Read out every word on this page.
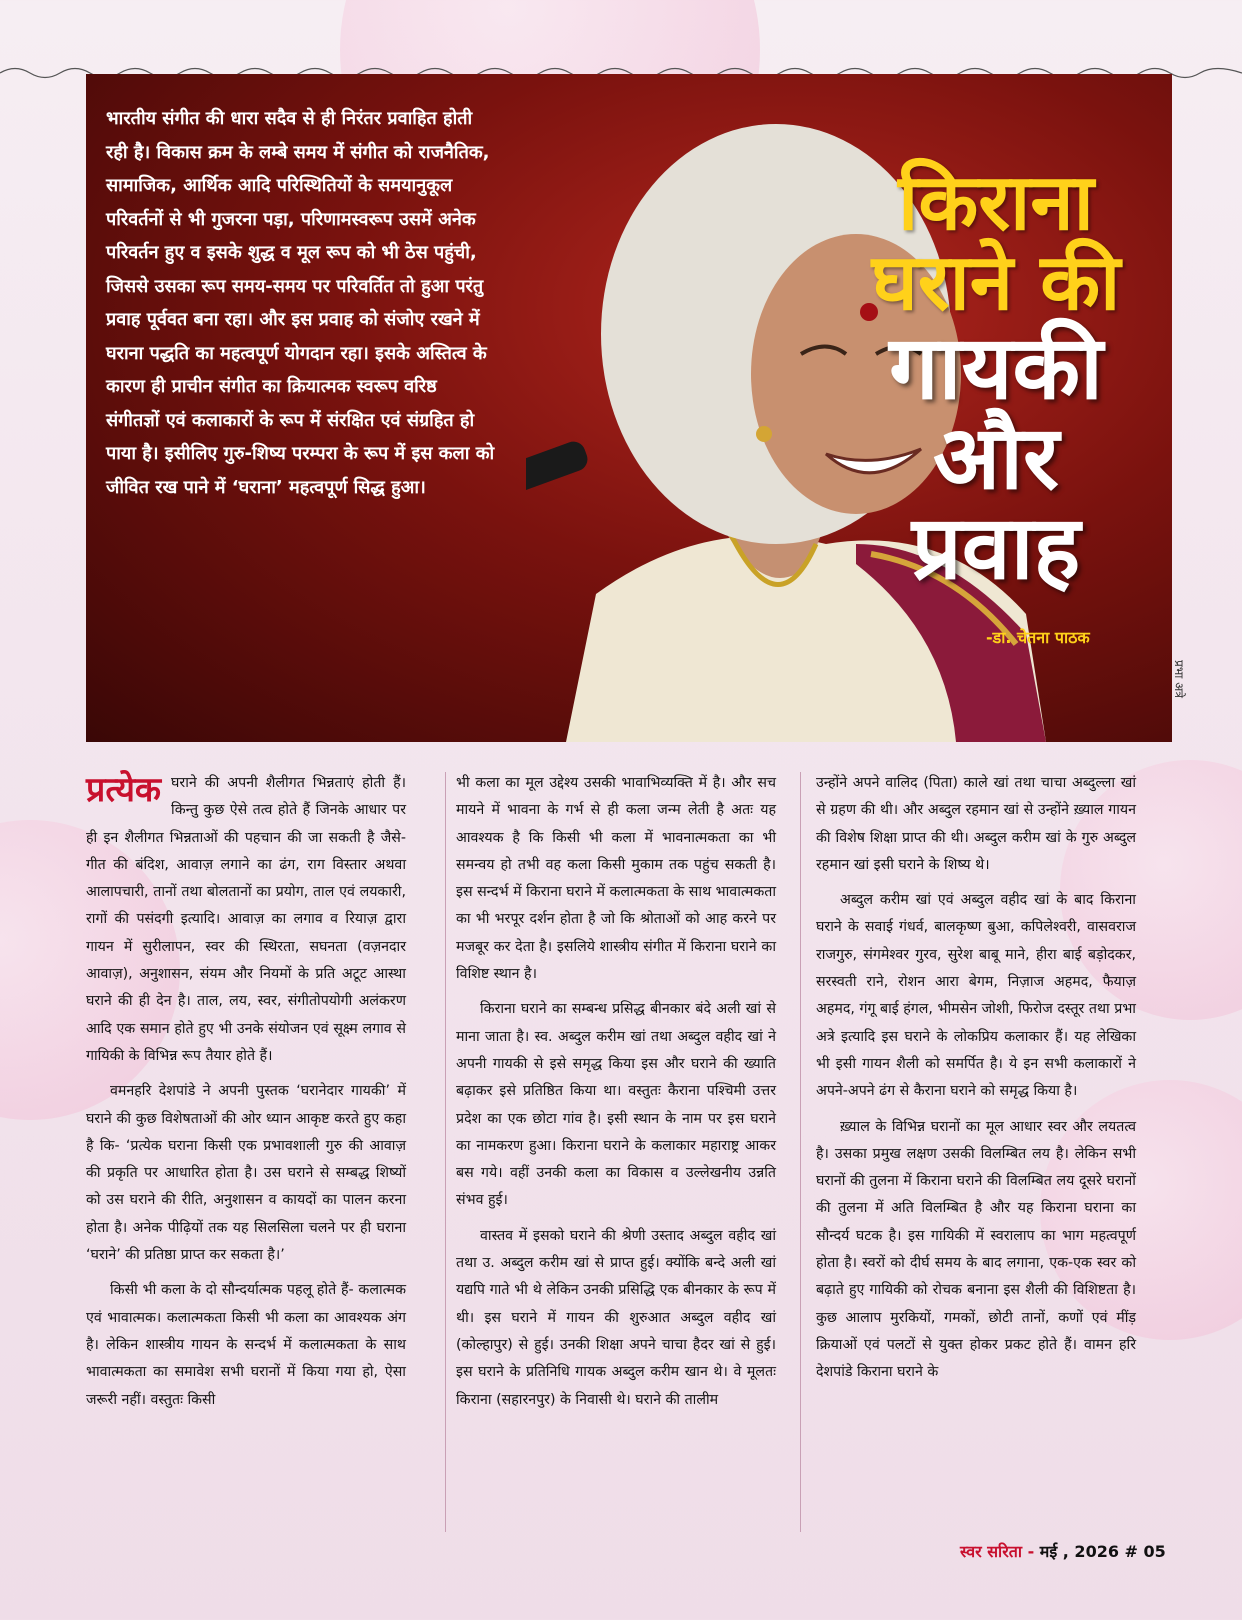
भारतीय संगीत की धारा सदैव से ही निरंतर प्रवाहित होती रही है। विकास क्रम के लम्बे समय में संगीत को राजनैतिक, सामाजिक, आर्थिक आदि परिस्थितियों के समयानुकूल परिवर्तनों से भी गुजरना पड़ा, परिणामस्वरूप उसमें अनेक परिवर्तन हुए व इसके शुद्ध व मूल रूप को भी ठेस पहुंची, जिससे उसका रूप समय-समय पर परिवर्तित तो हुआ परंतु प्रवाह पूर्ववत बना रहा। और इस प्रवाह को संजोए रखने में घराना पद्धति का महत्वपूर्ण योगदान रहा। इसके अस्तित्व के कारण ही प्राचीन संगीत का क्रियात्मक स्वरूप वरिष्ठ संगीतज्ञों एवं कलाकारों के रूप में संरक्षित एवं संग्रहित हो पाया है। इसीलिए गुरु-शिष्य परम्परा के रूप में इस कला को जीवित रख पाने में ‘घराना’ महत्वपूर्ण सिद्ध हुआ।
किराना
घराने की
गायकी
और
प्रवाह
-डा. चेतना पाठक
प्रभा अत्रे

प्रत्येक घराने की अपनी शैलीगत भिन्नताएं होती हैं। किन्तु कुछ ऐसे तत्व होते हैं जिनके आधार पर ही इन शैलीगत भिन्नताओं की पहचान की जा सकती है जैसे- गीत की बंदिश, आवाज़ लगाने का ढंग, राग विस्तार अथवा आलापचारी, तानों तथा बोलतानों का प्रयोग, ताल एवं लयकारी, रागों की पसंदगी इत्यादि। आवाज़ का लगाव व रियाज़ द्वारा गायन में सुरीलापन, स्वर की स्थिरता, सघनता (वज़नदार आवाज़), अनुशासन, संयम और नियमों के प्रति अटूट आस्था घराने की ही देन है। ताल, लय, स्वर, संगीतोपयोगी अलंकरण आदि एक समान होते हुए भी उनके संयोजन एवं सूक्ष्म लगाव से गायिकी के विभिन्न रूप तैयार होते हैं।

वमनहरि देशपांडे ने अपनी पुस्तक ‘घरानेदार गायकी’ में घराने की कुछ विशेषताओं की ओर ध्यान आकृष्ट करते हुए कहा है कि- ‘प्रत्येक घराना किसी एक प्रभावशाली गुरु की आवाज़ की प्रकृति पर आधारित होता है। उस घराने से सम्बद्ध शिष्यों को उस घराने की रीति, अनुशासन व कायदों का पालन करना होता है। अनेक पीढ़ियों तक यह सिलसिला चलने पर ही घराना ‘घराने’ की प्रतिष्ठा प्राप्त कर सकता है।’

किसी भी कला के दो सौन्दर्यात्मक पहलू होते हैं- कलात्मक एवं भावात्मक। कलात्मकता किसी भी कला का आवश्यक अंग है। लेकिन शास्त्रीय गायन के सन्दर्भ में कलात्मकता के साथ भावात्मकता का समावेश सभी घरानों में किया गया हो, ऐसा जरूरी नहीं। वस्तुतः किसी

भी कला का मूल उद्देश्य उसकी भावाभिव्यक्ति में है। और सच मायने में भावना के गर्भ से ही कला जन्म लेती है अतः यह आवश्यक है कि किसी भी कला में भावनात्मकता का भी समन्वय हो तभी वह कला किसी मुकाम तक पहुंच सकती है। इस सन्दर्भ में किराना घराने में कलात्मकता के साथ भावात्मकता का भी भरपूर दर्शन होता है जो कि श्रोताओं को आह करने पर मजबूर कर देता है। इसलिये शास्त्रीय संगीत में किराना घराने का विशिष्ट स्थान है।

किराना घराने का सम्बन्ध प्रसिद्ध बीनकार बंदे अली खां से माना जाता है। स्व. अब्दुल करीम खां तथा अब्दुल वहीद खां ने अपनी गायकी से इसे समृद्ध किया इस और घराने की ख्याति बढ़ाकर इसे प्रतिष्ठित किया था। वस्तुतः कैराना पश्चिमी उत्तर प्रदेश का एक छोटा गांव है। इसी स्थान के नाम पर इस घराने का नामकरण हुआ। किराना घराने के कलाकार महाराष्ट्र आकर बस गये। वहीं उनकी कला का विकास व उल्लेखनीय उन्नति संभव हुई।

वास्तव में इसको घराने की श्रेणी उस्ताद अब्दुल वहीद खां तथा उ. अब्दुल करीम खां से प्राप्त हुई। क्योंकि बन्दे अली खां यद्यपि गाते भी थे लेकिन उनकी प्रसिद्धि एक बीनकार के रूप में थी। इस घराने में गायन की शुरुआत अब्दुल वहीद खां (कोल्हापुर) से हुई। उनकी शिक्षा अपने चाचा हैदर खां से हुई। इस घराने के प्रतिनिधि गायक अब्दुल करीम खान थे। वे मूलतः किराना (सहारनपुर) के निवासी थे। घराने की तालीम

उन्होंने अपने वालिद (पिता) काले खां तथा चाचा अब्दुल्ला खां से ग्रहण की थी। और अब्दुल रहमान खां से उन्होंने ख़्याल गायन की विशेष शिक्षा प्राप्त की थी। अब्दुल करीम खां के गुरु अब्दुल रहमान खां इसी घराने के शिष्य थे।

अब्दुल करीम खां एवं अब्दुल वहीद खां के बाद किराना घराने के सवाई गंधर्व, बालकृष्ण बुआ, कपिलेश्वरी, वासवराज राजगुरु, संगमेश्वर गुरव, सुरेश बाबू माने, हीरा बाई बड़ोदकर, सरस्वती राने, रोशन आरा बेगम, निज़ाज अहमद, फैयाज़ अहमद, गंगू बाई हंगल, भीमसेन जोशी, फिरोज दस्तूर तथा प्रभा अत्रे इत्यादि इस घराने के लोकप्रिय कलाकार हैं। यह लेखिका भी इसी गायन शैली को समर्पित है। ये इन सभी कलाकारों ने अपने-अपने ढंग से कैराना घराने को समृद्ध किया है।

ख़्याल के विभिन्न घरानों का मूल आधार स्वर और लयतत्व है। उसका प्रमुख लक्षण उसकी विलम्बित लय है। लेकिन सभी घरानों की तुलना में किराना घराने की विलम्बित लय दूसरे घरानों की तुलना में अति विलम्बित है और यह किराना घराना का सौन्दर्य घटक है। इस गायिकी में स्वरालाप का भाग महत्वपूर्ण होता है। स्वरों को दीर्घ समय के बाद लगाना, एक-एक स्वर को बढ़ाते हुए गायिकी को रोचक बनाना इस शैली की विशिष्टता है। कुछ आलाप मुरकियों, गमकों, छोटी तानों, कणों एवं मींड़ क्रियाओं एवं पलटों से युक्त होकर प्रकट होते हैं। वामन हरि देशपांडे किराना घराने के

स्वर सरिता - मई , 2026 # 05
